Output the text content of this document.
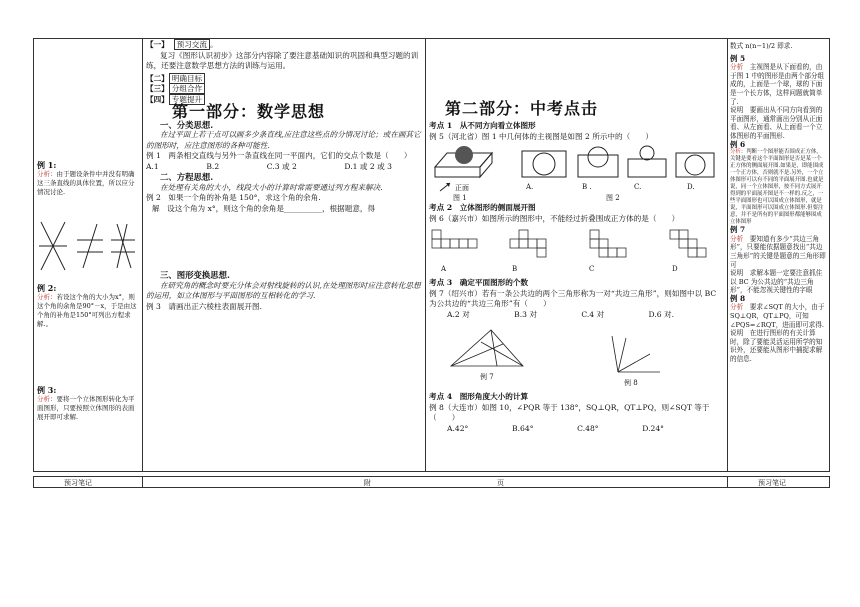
例 1:
分析：由于题设条件中并没有明确这三条直线的具体位置，所以应分情况讨论.
例 2:
分析：若设这个角的大小为x°，则这个角的余角是90°－x，于是由这个角的补角是150°可列出方程求解.。
例 3:
分析：要将一个立体图形转化为平面图形，只要按照立体图形的表面展开即可求解.
【一】 预习交流 。
复习《图形认识初步》这部分内容除了要注意基础知识的巩固和典型习题的训练，还要注意数学思想方法的训练与运用。
【二】 明确目标
【三】 分组合作
【四】 专题提升
第一部分：数学思想
一、分类思想.
在过平面上若干点可以画多少条直线,应注意这些点的分情况讨论；或在画其它的图形时，应注意图形的各种可能性.
例 1　两条相交直线与另外一条直线在同一平面内，它们的交点个数是（　　）
A.1	B.2	C.3 或 2	D.1 或 2 或 3
二、方程思想.
在处理有关角的大小，线段大小的计算时常需要通过列方程来解决.
例 2　如果一个角的补角是 150°，求这个角的余角.
解　设这个角为 x°，则这个角的余角是__________，根据题意，得
三、图形变换思想.
在研究角的概念时要充分体会对射线旋转的认识,在处理图形时应注意转化思想的运用，如立体图形与平面图形的互相转化的学习.
例 3　请画出正六棱柱表面展开图.
第二部分：中考点击
考点 1　从不同方向看立体图形
例 5（河北省）图 1 中几何体的主视图是如图 2 所示中的（　　）
正面	A.	B .	C.	D.
图 1	图 2
考点 2　立体图形的侧面展开图
例 6（嘉兴市）如图所示的图形中，不能经过折叠围成正方体的是（　　）
A	B	C	D
考点 3　确定平面图形的个数
例 7（绍兴市）若有一条公共边的两个三角形称为一对“共边三角形”，则如图中以 BC 为公共边的“共边三角形”有（　　）
A.2 对	B.3 对	C.4 对	D.6 对.
例 7
例 8
考点 4　图形角度大小的计算
例 8（大连市）如图 10，∠PQR 等于 138°，SQ⊥QR，QT⊥PQ，则∠SQT 等于（　　）
A.42°	B.64°	C.48°	D.24°
数式 n(n−1)/2 即求.
例 5
分析　 主视图是从下面看的，由于图 1 中的图形是由两个部分组成的，上面是一个球，球的下面是一个长方体，这样问题就简单了.
说明　要画出从不同方向看到的平面图形，通常画出分别从正面看、从左面看、从上面看一个立体图形的平面图形.
例 6
分析：判断一个图形能否围成正方体，关键是要看这个平面图形是否是某一个正方体的侧面展开图.如果是，即能围成一个正方体，否则就不是.另外，一个立体图形可以有不同的平面展开图.也就是说，同一个立体图形，按不同方式展开得到的平面展开图是不一样的.反之，一些平面图形也可以围成立体图形，就是说，平面图形可以围成立体图形.但要注意，并不是所有的平面图形都能够围成立体图形
例 7
分析　 要知道有多少“共边三角形”，只要能依据题意找出“共边三角形”的关键是题意的三角形即可
说明　求解本题一定要注意抓住以 BC 为公共边的“共边三角形”，不能忽视关键性的字眼
例 8
分析　 要求∠SQT 的大小，由于 SQ⊥QR，QT⊥PQ，可知∠PQS=∠RQT，进而即可求得.
说明　在进行图形的有关计算时，除了要能灵活运用所学的知识外，还要能从图形中捕捉求解的信息.
预习笔记	附	页	预习笔记
